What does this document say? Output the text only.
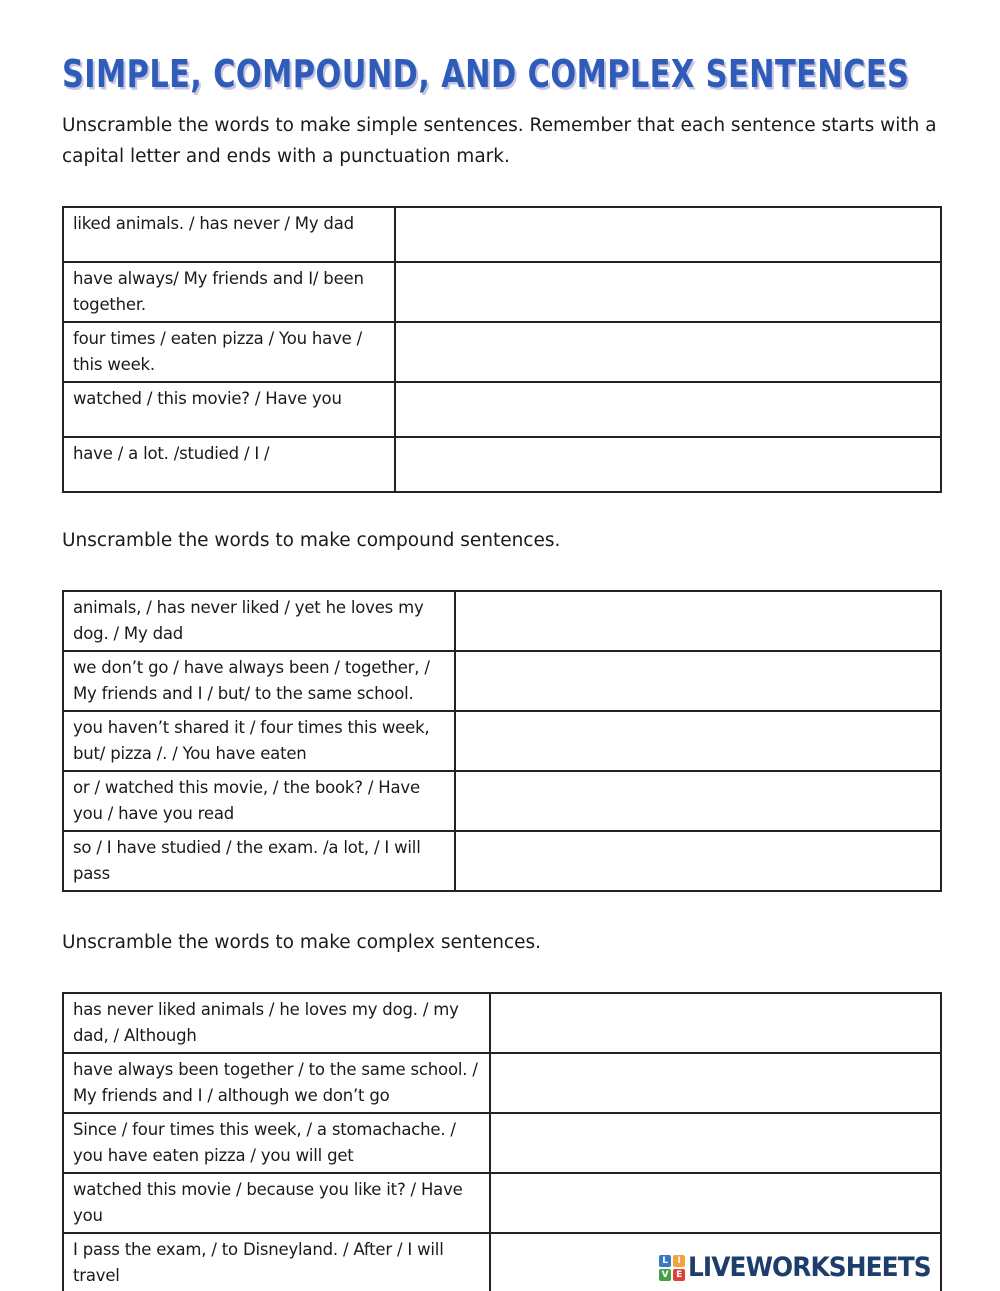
SIMPLE, COMPOUND, AND COMPLEX SENTENCES

Unscramble the words to make simple sentences. Remember that each sentence starts with a capital letter and ends with a punctuation mark.

liked animals. / has never / My dad	
have always/ My friends and I/ been together.	
four times / eaten pizza / You have / this week.	
watched / this movie? / Have you	
have / a lot. /studied / I /	

Unscramble the words to make compound sentences.

animals, / has never liked / yet he loves my dog. / My dad	
we don’t go / have always been / together, / My friends and I / but/ to the same school.	
you haven’t shared it / four times this week, but/ pizza /. / You have eaten	
or / watched this movie, / the book? / Have you / have you read	
so / I have studied / the exam. /a lot, / I will pass	

Unscramble the words to make complex sentences.

has never liked animals / he loves my dog. / my dad, / Although	
have always been together / to the same school. / My friends and I / although we don’t go	
Since / four times this week, / a stomachache. / you have eaten pizza / you will get	
watched this movie / because you like it? / Have you	
I pass the exam, / to Disneyland. / After / I will travel	
L	I
V E LIVEWORKSHEETS
